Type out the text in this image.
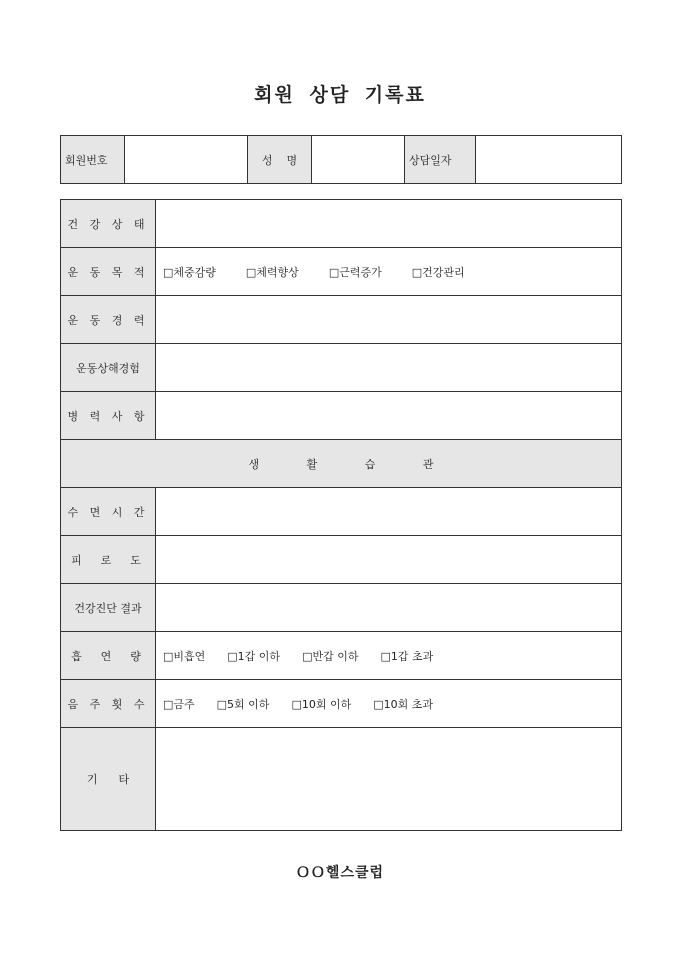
회원 상담 기록표
회원번호		성    명		상담일자	
건 강 상 태	
운 동 목 적	□체중감량 □체력향상 □근력증가 □건강관리

운 동 경 력	
운동상해경험	
병 력 사 항	
생 활 습 관	
수 면 시 간	
피  로  도	
건강진단 결과	
흡  연  량	□비흡연 □1갑 이하 □반갑 이하 □1갑 초과

음 주 횟 수	□금주 □5회 이하 □10회 이하 □10회 초과

기      타	
ＯＯ헬스클럽
